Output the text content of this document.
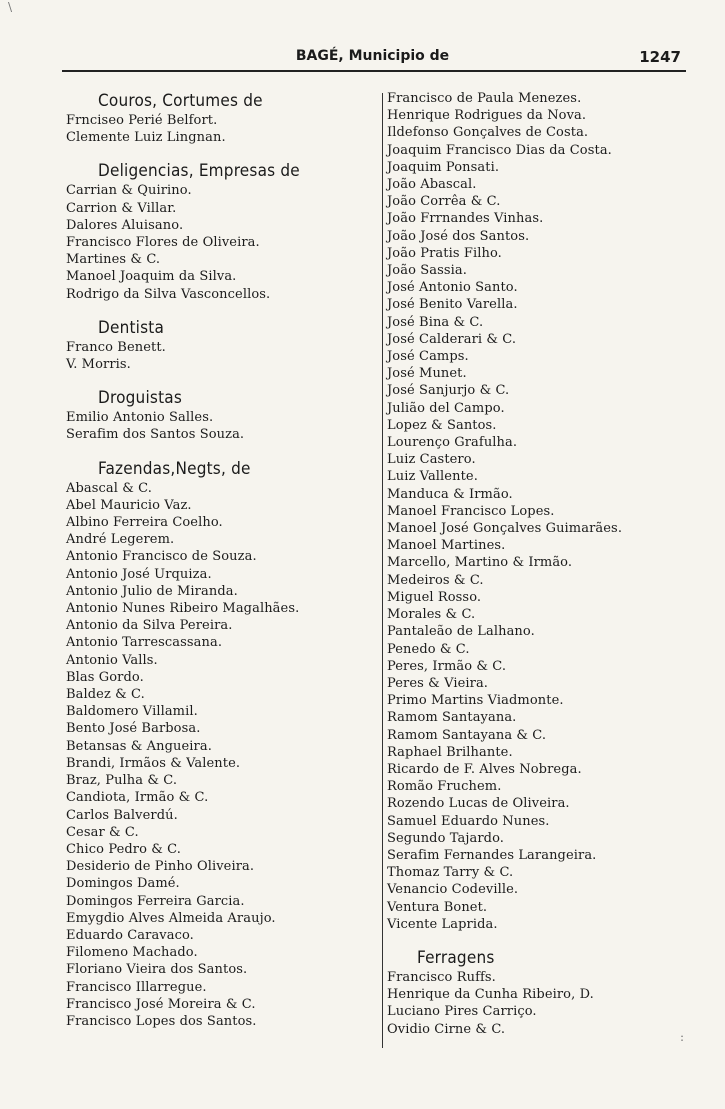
BAGÉ, Municipio de	1247
Couros, Cortumes de
Frnciseo Perié Belfort.
Clemente Luiz Lingnan.
Deligencias, Empresas de
Carrian & Quirino.
Carrion & Villar.
Dalores Aluisano.
Francisco Flores de Oliveira.
Martines & C.
Manoel Joaquim da Silva.
Rodrigo da Silva Vasconcellos.
Dentista
Franco Benett.
V. Morris.
Droguistas
Emilio Antonio Salles.
Serafim dos Santos Souza.
Fazendas,Negts, de
Abascal & C.
Abel Mauricio Vaz.
Albino Ferreira Coelho.
André Legerem.
Antonio Francisco de Souza.
Antonio José Urquiza.
Antonio Julio de Miranda.
Antonio Nunes Ribeiro Magalhães.
Antonio da Silva Pereira.
Antonio Tarrescassana.
Antonio Valls.
Blas Gordo.
Baldez & C.
Baldomero Villamil.
Bento José Barbosa.
Betansas & Angueira.
Brandi, Irmãos & Valente.
Braz, Pulha & C.
Candiota, Irmão & C.
Carlos Balverdú.
Cesar & C.
Chico Pedro & C.
Desiderio de Pinho Oliveira.
Domingos Damé.
Domingos Ferreira Garcia.
Emygdio Alves Almeida Araujo.
Eduardo Caravaco.
Filomeno Machado.
Floriano Vieira dos Santos.
Francisco Illarregue.
Francisco José Moreira & C.
Francisco Lopes dos Santos.
Francisco de Paula Menezes.
Henrique Rodrigues da Nova.
Ildefonso Gonçalves de Costa.
Joaquim Francisco Dias da Costa.
Joaquim Ponsati.
João Abascal.
João Corrêa & C.
João Frrnandes Vinhas.
João José dos Santos.
João Pratis Filho.
João Sassia.
José Antonio Santo.
José Benito Varella.
José Bina & C.
José Calderari & C.
José Camps.
José Munet.
José Sanjurjo & C.
Julião del Campo.
Lopez & Santos.
Lourenço Grafulha.
Luiz Castero.
Luiz Vallente.
Manduca & Irmão.
Manoel Francisco Lopes.
Manoel José Gonçalves Guimarães.
Manoel Martines.
Marcello, Martino & Irmão.
Medeiros & C.
Miguel Rosso.
Morales & C.
Pantaleão de Lalhano.
Penedo & C.
Peres, Irmão & C.
Peres & Vieira.
Primo Martins Viadmonte.
Ramom Santayana.
Ramom Santayana & C.
Raphael Brilhante.
Ricardo de F. Alves Nobrega.
Romão Fruchem.
Rozendo Lucas de Oliveira.
Samuel Eduardo Nunes.
Segundo Tajardo.
Serafim Fernandes Larangeira.
Thomaz Tarry & C.
Venancio Codeville.
Ventura Bonet.
Vicente Laprida.
Ferragens
Francisco Ruffs.
Henrique da Cunha Ribeiro, D.
Luciano Pires Carriço.
Ovidio Cirne & C.
\
:
